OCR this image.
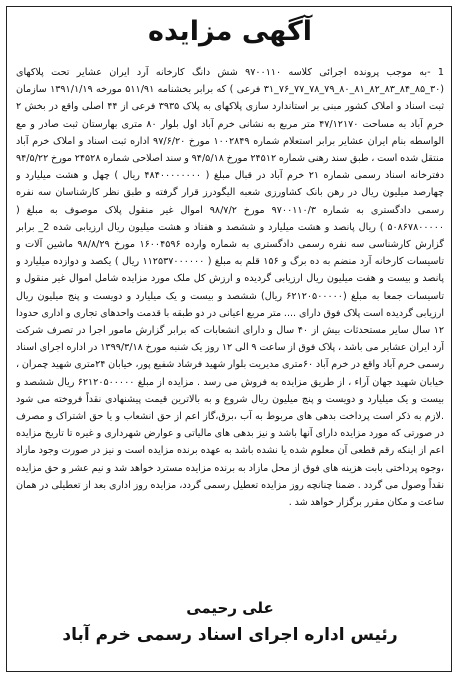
آگهی مزایده

1 -به موجب پرونده اجرائی کلاسه ۹۷۰۰۱۱۰ شش دانگ کارخانه آرد ایران عشایر تحت پلاکهای (۳۰_۸۵_۸۴_۸۳_۸۲_۸۱_۸۰_۷۹_۷۸_۷۷_۷۶_۳۱ فرعی ) که برابر بخشنامه ۵۱۱/۹۱ مورخه ۱۳۹۱/۱/۱۹ سازمان ثبت اسناد و املاک کشور مبنی بر استاندارد سازی پلاکهای به پلاک ۳۹۳۵ فرعی از ۴۴ اصلی واقع در بخش ۲ خرم آباد به مساحت ۴۷/۱۲۱۷۰ متر مربع به نشانی خرم آباد اول بلوار ۸۰ متری بهارستان ثبت صادر و مع الواسطه بنام ایران عشایر برابر استعلام شماره ۱۰۰۲۸۴۹ مورخ ۹۷/۶/۲۰ اداره ثبت اسناد و املاک خرم آباد منتقل شده است ، طبق سند رهنی شماره ۲۴۵۱۲ مورخ ۹۴/۵/۱۸ و سند اصلاحی شماره ۲۴۵۲۸ مورخ ۹۴/۵/۲۲ دفترخانه اسناد رسمی شماره ۲۱ خرم آباد در قبال مبلغ ( ۴۸۴۰۰۰۰۰۰۰۰ ریال ) چهل و هشت میلیارد و چهارصد میلیون ریال در رهن بانک کشاورزی شعبه الیگودرز قرار گرفته و طبق نظر کارشناسان سه نفره رسمی دادگستری به شماره ۹۷۰۰۱۱۰/۳ مورخ ۹۸/۷/۲ اموال غیر منقول پلاک موصوف به مبلغ ( ۵۰۸۶۷۸۰۰۰۰۰ ) ریال پانصد و هشت میلیارد و ششصد و هفتاد و هشت میلیون ریال ارزیابی شده 2_ برابر گزارش کارشناسی سه نفره رسمی دادگستری به شماره وارده ۱۶۰۰۴۵۹۶ مورخ ۹۸/۸/۲۹ ماشین آلات و تاسیسات کارخانه آرد منضم به ده برگ و ۱۵۶ قلم به مبلغ ( ۱۱۲۵۳۷۰۰۰۰۰۰ ریال ) یکصد و دوازده میلیارد و پانصد و بیست و هفت میلیون ریال ارزیابی گردیده و ارزش کل ملک مورد مزایده شامل اموال غیر منقول و تاسیسات جمعا به مبلغ (۶۲۱۲۰۵۰۰۰۰۰ ریال) ششصد و بیست و یک میلیارد و دویست و پنج میلیون ریال ارزیابی گردیده است پلاک فوق دارای .... متر مربع اعیانی در دو طبقه با قدمت واحدهای تجاری و اداری حدودا ۱۲ سال سایر مستحدثات بیش از ۴۰ سال و دارای انشعابات که برابر گزارش مامور اجرا در تصرف شرکت آرد ایران عشایر می باشد ، پلاک فوق از ساعت ۹ الی ۱۲ روز یک شنبه مورخ ۱۳۹۹/۳/۱۸ در اداره اجرای اسناد رسمی خرم آباد واقع در خرم آباد ۶۰متری مدیریت بلوار شهید فرشاد شفیع پور، خیابان ۲۴متری شهید چمران ، خیابان شهید جهان آراء ، از طریق مزایده به فروش می رسد . مزایده از مبلغ ۶۲۱۲۰۵۰۰۰۰۰ ریال ششصد و بیست و یک میلیارد و دویست و پنج میلیون ریال شروع و به بالاترین قیمت پیشنهادی نقداً فروخته می شود .لازم به ذکر است پرداخت بدهی های مربوط به آب ،برق،گاز اعم از حق انشعاب و یا حق اشتراک و مصرف در صورتی که مورد مزایده دارای آنها باشد و نیز بدهی های مالیاتی و عوارض شهرداری و غیره تا تاریخ مزایده اعم از اینکه رقم قطعی آن معلوم شده یا نشده باشد به عهده برنده مزایده است و نیز در صورت وجود مازاد ،وجوه پرداختی بابت هزینه های فوق از محل مازاد به برنده مزایده مسترد خواهد شد و نیم عشر و حق مزایده نقداً وصول می گردد . ضمنا چنانچه روز مزایده تعطیل رسمی گردد، مزایده روز اداری بعد از تعطیلی در همان ساعت و مکان مقرر برگزار خواهد شد .

علی رحیمی
رئیس اداره اجرای اسناد رسمی خرم آباد
